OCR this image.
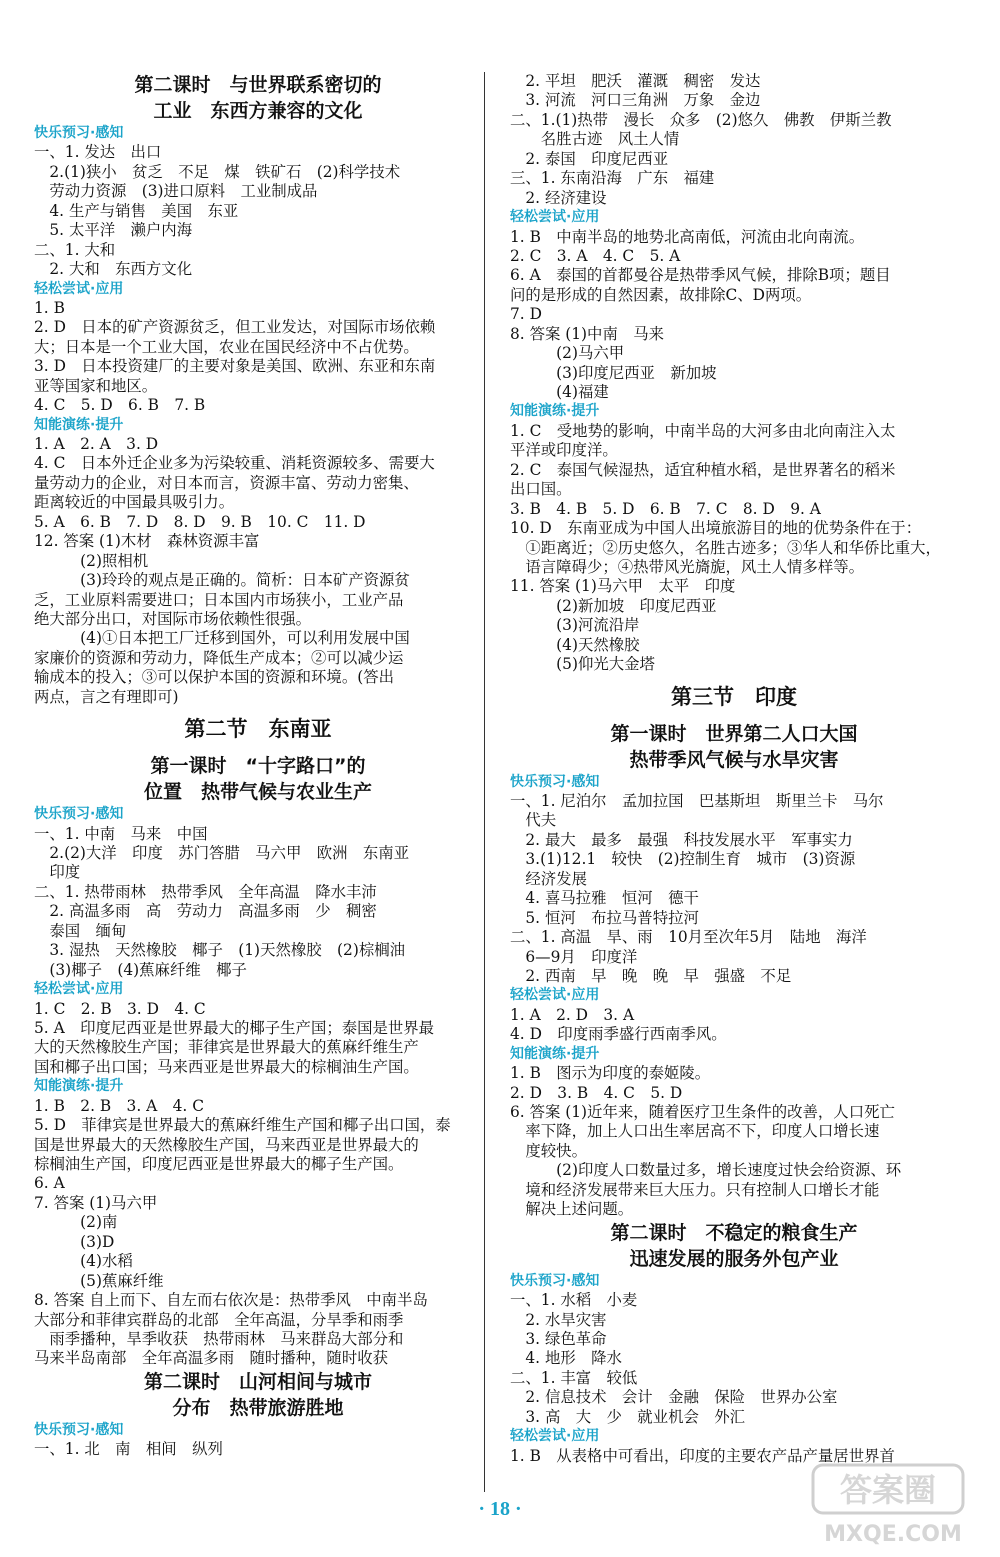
第二课时　与世界联系密切的
工业　东西方兼容的文化
快乐预习·感知
一、1. 发达　出口
　2.(1)狭小　贫乏　不足　煤　铁矿石　(2)科学技术
　劳动力资源　(3)进口原料　工业制成品
　4. 生产与销售　美国　东亚
　5. 太平洋　濑户内海
二、1. 大和
　2. 大和　东西方文化
轻松尝试·应用
1. B
2. D　日本的矿产资源贫乏，但工业发达，对国际市场依赖
大；日本是一个工业大国，农业在国民经济中不占优势。
3. D　日本投资建厂的主要对象是美国、欧洲、东亚和东南
亚等国家和地区。
4. C　5. D　6. B　7. B
知能演练·提升
1. A　2. A　3. D
4. C　日本外迁企业多为污染较重、消耗资源较多、需要大
量劳动力的企业，对日本而言，资源丰富、劳动力密集、
距离较近的中国最具吸引力。
5. A　6. B　7. D　8. D　9. B　10. C　11. D
12. 答案 (1)木材　森林资源丰富
　　　(2)照相机
　　　(3)玲玲的观点是正确的。简析：日本矿产资源贫
乏，工业原料需要进口；日本国内市场狭小，工业产品
绝大部分出口，对国际市场依赖性很强。
　　　(4)①日本把工厂迁移到国外，可以利用发展中国
家廉价的资源和劳动力，降低生产成本；②可以减少运
输成本的投入；③可以保护本国的资源和环境。(答出
两点，言之有理即可)
第二节　东南亚
第一课时　“十字路口”的
位置　热带气候与农业生产
快乐预习·感知
一、1. 中南　马来　中国
　2.(2)大洋　印度　苏门答腊　马六甲　欧洲　东南亚
　印度
二、1. 热带雨林　热带季风　全年高温　降水丰沛
　2. 高温多雨　高　劳动力　高温多雨　少　稠密
　泰国　缅甸
　3. 湿热　天然橡胶　椰子　(1)天然橡胶　(2)棕榈油
　(3)椰子　(4)蕉麻纤维　椰子
轻松尝试·应用
1. C　2. B　3. D　4. C
5. A　印度尼西亚是世界最大的椰子生产国；泰国是世界最
大的天然橡胶生产国；菲律宾是世界最大的蕉麻纤维生产
国和椰子出口国；马来西亚是世界最大的棕榈油生产国。
知能演练·提升
1. B　2. B　3. A　4. C
5. D　菲律宾是世界最大的蕉麻纤维生产国和椰子出口国，泰
国是世界最大的天然橡胶生产国，马来西亚是世界最大的
棕榈油生产国，印度尼西亚是世界最大的椰子生产国。
6. A
7. 答案 (1)马六甲
　　　(2)南
　　　(3)D
　　　(4)水稻
　　　(5)蕉麻纤维
8. 答案 自上而下、自左而右依次是：热带季风　中南半岛
大部分和菲律宾群岛的北部　全年高温，分旱季和雨季
　雨季播种，旱季收获　热带雨林　马来群岛大部分和
马来半岛南部　全年高温多雨　随时播种，随时收获
第二课时　山河相间与城市
分布　热带旅游胜地
快乐预习·感知
一、1. 北　南　相间　纵列
　2. 平坦　肥沃　灌溉　稠密　发达
　3. 河流　河口三角洲　万象　金边
二、1.(1)热带　漫长　众多　(2)悠久　佛教　伊斯兰教
　　名胜古迹　风土人情
　2. 泰国　印度尼西亚
三、1. 东南沿海　广东　福建
　2. 经济建设
轻松尝试·应用
1. B　中南半岛的地势北高南低，河流由北向南流。
2. C　3. A　4. C　5. A
6. A　泰国的首都曼谷是热带季风气候，排除B项；题目
问的是形成的自然因素，故排除C、D两项。
7. D
8. 答案 (1)中南　马来
　　　(2)马六甲
　　　(3)印度尼西亚　新加坡
　　　(4)福建
知能演练·提升
1. C　受地势的影响，中南半岛的大河多由北向南注入太
平洋或印度洋。
2. C　泰国气候湿热，适宜种植水稻，是世界著名的稻米
出口国。
3. B　4. B　5. D　6. B　7. C　8. D　9. A
10. D　东南亚成为中国人出境旅游目的地的优势条件在于：
　①距离近；②历史悠久，名胜古迹多；③华人和华侨比重大，
　语言障碍少；④热带风光旖旎，风土人情多样等。
11. 答案 (1)马六甲　太平　印度
　　　(2)新加坡　印度尼西亚
　　　(3)河流沿岸
　　　(4)天然橡胶
　　　(5)仰光大金塔
第三节　印度
第一课时　世界第二人口大国
热带季风气候与水旱灾害
快乐预习·感知
一、1. 尼泊尔　孟加拉国　巴基斯坦　斯里兰卡　马尔
　代夫
　2. 最大　最多　最强　科技发展水平　军事实力
　3.(1)12.1　较快　(2)控制生育　城市　(3)资源
　经济发展
　4. 喜马拉雅　恒河　德干
　5. 恒河　布拉马普特拉河
二、1. 高温　旱、雨　10月至次年5月　陆地　海洋
　6—9月　印度洋
　2. 西南　早　晚　晚　早　强盛　不足
轻松尝试·应用
1. A　2. D　3. A
4. D　印度雨季盛行西南季风。
知能演练·提升
1. B　图示为印度的泰姬陵。
2. D　3. B　4. C　5. D
6. 答案 (1)近年来，随着医疗卫生条件的改善，人口死亡
　率下降，加上人口出生率居高不下，印度人口增长速
　度较快。
　　　(2)印度人口数量过多，增长速度过快会给资源、环
　境和经济发展带来巨大压力。只有控制人口增长才能
　解决上述问题。
第二课时　不稳定的粮食生产
迅速发展的服务外包产业
快乐预习·感知
一、1. 水稻　小麦
　2. 水旱灾害
　3. 绿色革命
　4. 地形　降水
二、1. 丰富　较低
　2. 信息技术　会计　金融　保险　世界办公室
　3. 高　大　少　就业机会　外汇
轻松尝试·应用
1. B　从表格中可看出，印度的主要农产品产量居世界首
· 18 ·	答案圈
MXQE.COM
